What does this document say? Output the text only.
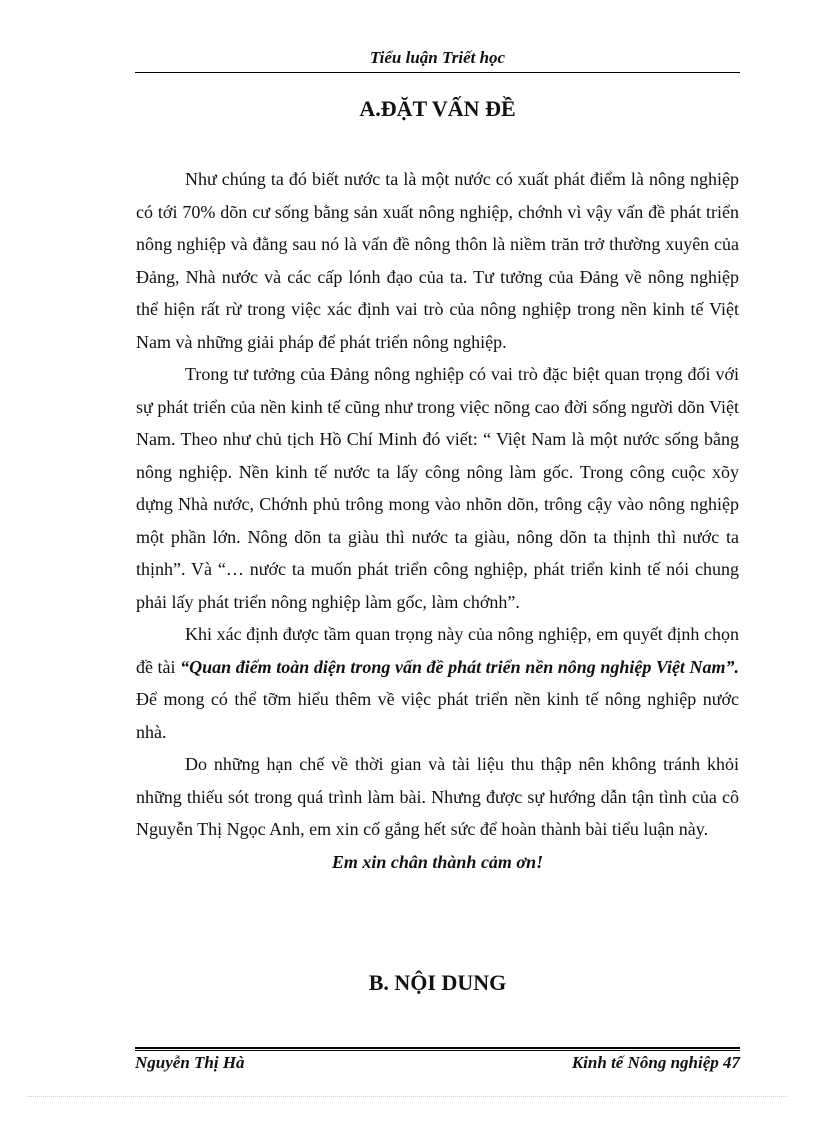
Tiểu luận Triết học
A.ĐẶT VẤN ĐỀ

Như chúng ta đó biết nước ta là một nước có xuất phát điểm là nông nghiệp có tới 70% dõn cư sống bằng sản xuất nông nghiệp, chớnh vì vậy vấn đề phát triển nông nghiệp và đằng sau nó là vấn đề nông thôn là niềm trăn trở thường xuyên của Đảng, Nhà nước và các cấp lónh đạo của ta. Tư tưởng của Đảng về nông nghiệp thể hiện rất rừ trong việc xác định vai trò của nông nghiệp trong nền kinh tế Việt Nam và những giải pháp để phát triển nông nghiệp.

Trong tư tưởng của Đảng nông nghiệp có vai trò đặc biệt quan trọng đối với sự phát triển của nền kinh tế cũng như trong việc nõng cao đời sống người dõn Việt Nam. Theo như chủ tịch Hồ Chí Minh đó viết: “ Việt Nam là một nước sống bằng nông nghiệp. Nền kinh tế nước ta lấy công nông làm gốc. Trong công cuộc xõy dựng Nhà nước, Chớnh phủ trông mong vào nhõn dõn, trông cậy vào nông nghiệp một phần lớn. Nông dõn ta giàu thì nước ta giàu, nông dõn ta thịnh thì nước ta thịnh”. Và “… nước ta muốn phát triển công nghiệp, phát triển kinh tế nói chung phải lấy phát triển nông nghiệp làm gốc, làm chớnh”.

Khi xác định được tầm quan trọng này của nông nghiệp, em quyết định chọn đề tài “Quan điểm toàn diện trong vấn đề phát triển nền nông nghiệp Việt Nam”. Để mong có thể tỡm hiểu thêm về việc phát triển nền kinh tế nông nghiệp nước nhà.

Do những hạn chế về thời gian và tài liệu thu thập nên không tránh khỏi những thiếu sót trong quá trình làm bài. Nhưng được sự hướng dẫn tận tình của cô Nguyễn Thị Ngọc Anh, em xin cố gắng hết sức để hoàn thành bài tiểu luận này.

Em xin chân thành cảm ơn!

B. NỘI DUNG
Nguyễn Thị Hà	Kinh tế Nông nghiệp 47
